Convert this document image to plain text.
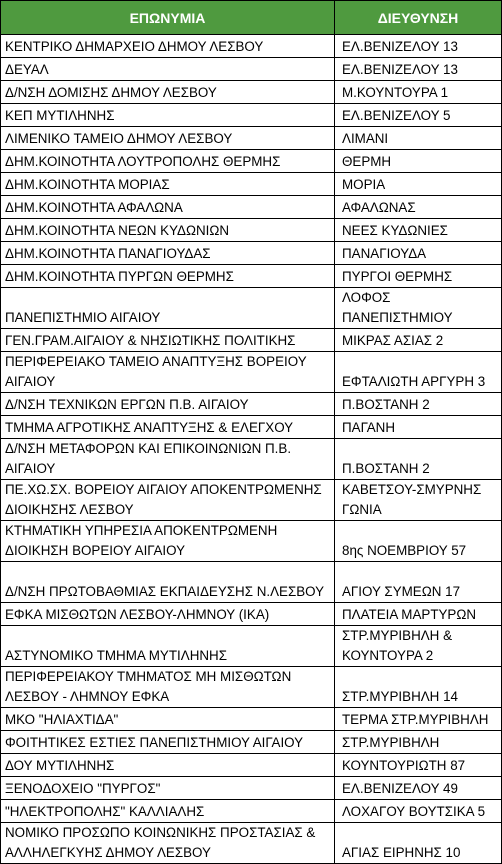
ΕΠΩΝΥΜΙΑ	ΔΙΕΥΘΥΝΣΗ
ΚΕΝΤΡΙΚΟ ΔΗΜΑΡΧΕΙΟ ΔΗΜΟΥ ΛΕΣΒΟΥ	ΕΛ.ΒΕΝΙΖΕΛΟΥ 13
ΔΕΥΑΛ	ΕΛ.ΒΕΝΙΖΕΛΟΥ 13
Δ/ΝΣΗ ΔΟΜΙΣΗΣ ΔΗΜΟΥ ΛΕΣΒΟΥ	Μ.ΚΟΥΝΤΟΥΡΑ 1
ΚΕΠ ΜΥΤΙΛΗΝΗΣ	ΕΛ.ΒΕΝΙΖΕΛΟΥ 5
ΛΙΜΕΝΙΚΟ ΤΑΜΕΙΟ ΔΗΜΟΥ ΛΕΣΒΟΥ	ΛΙΜΑΝΙ
ΔΗΜ.ΚΟΙΝΟΤΗΤΑ ΛΟΥΤΡΟΠΟΛΗΣ ΘΕΡΜΗΣ	ΘΕΡΜΗ
ΔΗΜ.ΚΟΙΝΟΤΗΤΑ ΜΟΡΙΑΣ	ΜΟΡΙΑ
ΔΗΜ.ΚΟΙΝΟΤΗΤΑ ΑΦΑΛΩΝΑ	ΑΦΑΛΩΝΑΣ
ΔΗΜ.ΚΟΙΝΟΤΗΤΑ ΝΕΩΝ ΚΥΔΩΝΙΩΝ	ΝΕΕΣ ΚΥΔΩΝΙΕΣ
ΔΗΜ.ΚΟΙΝΟΤΗΤΑ ΠΑΝΑΓΙΟΥΔΑΣ	ΠΑΝΑΓΙΟΥΔΑ
ΔΗΜ.ΚΟΙΝΟΤΗΤΑ ΠΥΡΓΩΝ ΘΕΡΜΗΣ	ΠΥΡΓΟΙ ΘΕΡΜΗΣ
ΠΑΝΕΠΙΣΤΗΜΙΟ ΑΙΓΑΙΟΥ	ΛΟΦΟΣ ΠΑΝΕΠΙΣΤΗΜΙΟΥ
ΓΕΝ.ΓΡΑΜ.ΑΙΓΑΙΟΥ & ΝΗΣΙΩΤΙΚΗΣ ΠΟΛΙΤΙΚΗΣ	ΜΙΚΡΑΣ ΑΣΙΑΣ 2
ΠΕΡΙΦΕΡΕΙΑΚΟ ΤΑΜΕΙΟ ΑΝΑΠΤΥΞΗΣ ΒΟΡΕΙΟΥ ΑΙΓΑΙΟΥ	ΕΦΤΑΛΙΩΤΗ ΑΡΓΥΡΗ 3
Δ/ΝΣΗ ΤΕΧΝΙΚΩΝ ΕΡΓΩΝ Π.Β. ΑΙΓΑΙΟΥ	Π.ΒΟΣΤΑΝΗ 2
ΤΜΗΜΑ ΑΓΡΟΤΙΚΗΣ ΑΝΑΠΤΥΞΗΣ & ΕΛΕΓΧΟΥ	ΠΑΓΑΝΗ
Δ/ΝΣΗ ΜΕΤΑΦΟΡΩΝ ΚΑΙ ΕΠΙΚΟΙΝΩΝΙΩΝ Π.Β. ΑΙΓΑΙΟΥ	Π.ΒΟΣΤΑΝΗ 2
ΠΕ.ΧΩ.ΣΧ. ΒΟΡΕΙΟΥ ΑΙΓΑΙΟΥ ΑΠΟΚΕΝΤΡΩΜΕΝΗΣ ΔΙΟΙΚΗΣΗΣ ΛΕΣΒΟΥ	ΚΑΒΕΤΣΟΥ-ΣΜΥΡΝΗΣ ΓΩΝΙΑ
ΚΤΗΜΑΤΙΚΗ ΥΠΗΡΕΣΙΑ ΑΠΟΚΕΝΤΡΩΜΕΝΗ ΔΙΟΙΚΗΣΗ ΒΟΡΕΙΟΥ ΑΙΓΑΙΟΥ	8ης ΝΟΕΜΒΡΙΟΥ 57
Δ/ΝΣΗ ΠΡΩΤΟΒΑΘΜΙΑΣ ΕΚΠΑΙΔΕΥΣΗΣ Ν.ΛΕΣΒΟΥ	ΑΓΙΟΥ ΣΥΜΕΩΝ 17
ΕΦΚΑ ΜΙΣΘΩΤΩΝ ΛΕΣΒΟΥ-ΛΗΜΝΟΥ (ΙΚΑ)	ΠΛΑΤΕΙΑ ΜΑΡΤΥΡΩΝ
ΑΣΤΥΝΟΜΙΚΟ ΤΜΗΜΑ ΜΥΤΙΛΗΝΗΣ	ΣΤΡ.ΜΥΡΙΒΗΛΗ & ΚΟΥΝΤΟΥΡΑ 2
ΠΕΡΙΦΕΡΕΙΑΚΟΥ ΤΜΗΜΑΤΟΣ ΜΗ ΜΙΣΘΩΤΩΝ ΛΕΣΒΟΥ - ΛΗΜΝΟΥ ΕΦΚΑ	ΣΤΡ.ΜΥΡΙΒΗΛΗ 14
ΜΚΟ "ΗΛΙΑΧΤΙΔΑ"	ΤΕΡΜΑ ΣΤΡ.ΜΥΡΙΒΗΛΗ
ΦΟΙΤΗΤΙΚΕΣ ΕΣΤΙΕΣ ΠΑΝΕΠΙΣΤΗΜΙΟΥ ΑΙΓΑΙΟΥ	ΣΤΡ.ΜΥΡΙΒΗΛΗ
ΔΟΥ ΜΥΤΙΛΗΝΗΣ	ΚΟΥΝΤΟΥΡΙΩΤΗ 87
ΞΕΝΟΔΟΧΕΙΟ "ΠΥΡΓΟΣ"	ΕΛ.ΒΕΝΙΖΕΛΟΥ 49
"ΗΛΕΚΤΡΟΠΟΛΗΣ" ΚΑΛΛΙΑΛΗΣ	ΛΟΧΑΓΟΥ ΒΟΥΤΣΙΚΑ 5
ΝΟΜΙΚΟ ΠΡΟΣΩΠΟ ΚΟΙΝΩΝΙΚΗΣ ΠΡΟΣΤΑΣΙΑΣ & ΑΛΛΗΛΕΓΚΥΗΣ ΔΗΜΟΥ ΛΕΣΒΟΥ	ΑΓΙΑΣ ΕΙΡΗΝΗΣ 10
